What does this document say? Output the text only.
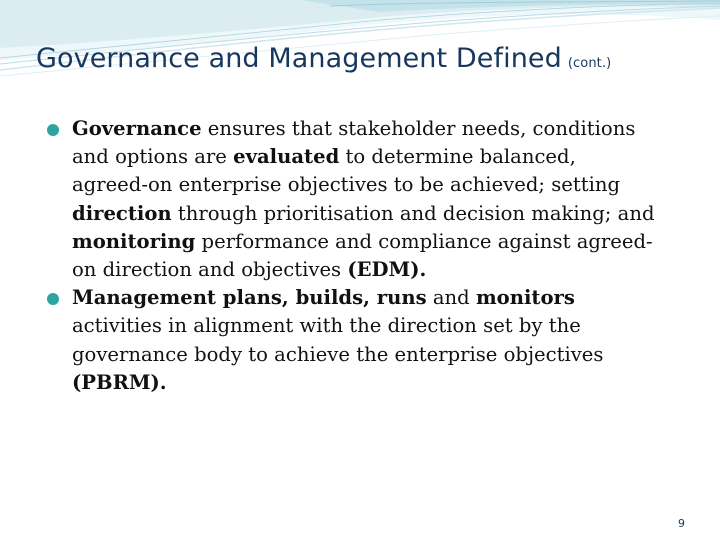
Governance and Management Defined (cont.)
Governance ensures that stakeholder needs, conditions and options are evaluated to determine balanced, agreed-on enterprise objectives to be achieved; setting direction through prioritisation and decision making; and monitoring performance and compliance against agreed-on direction and objectives (EDM).
Management plans, builds, runs and monitors activities in alignment with the direction set by the governance body to achieve the enterprise objectives (PBRM).
9
